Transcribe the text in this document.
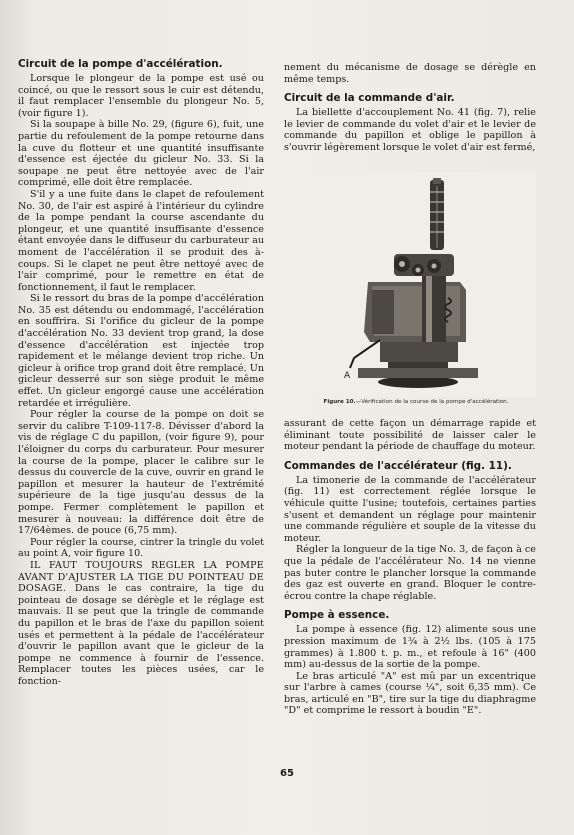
Circuit de la pompe d'accélération.

Lorsque le plongeur de la pompe est usé ou coincé, ou que le ressort sous le cuir est détendu, il faut remplacer l'ensemble du plongeur No. 5, (voir figure 1).

Si la soupape à bille No. 29, (figure 6), fuit, une partie du refoulement de la pompe retourne dans la cuve du flotteur et une quantité insuffisante d'essence est éjectée du gicleur No. 33. Si la soupape ne peut être nettoyée avec de l'air comprimé, elle doit être remplacée.

S'il y a une fuite dans le clapet de refoulement No. 30, de l'air est aspiré à l'intérieur du cylindre de la pompe pendant la course ascendante du plongeur, et une quantité insuffisante d'essence étant envoyée dans le diffuseur du carburateur au moment de l'accélération il se produit des à-coups. Si le clapet ne peut être nettoyé avec de l'air comprimé, pour le remettre en état de fonctionnement, il faut le remplacer.

Si le ressort du bras de la pompe d'accélération No. 35 est détendu ou endommagé, l'accélération en souffrira. Si l'orifice du gicleur de la pompe d'accélération No. 33 devient trop grand, la dose d'essence d'accélération est injectée trop rapidement et le mélange devient trop riche. Un gicleur à orifice trop grand doit être remplacé. Un gicleur desserré sur son siège produit le même effet. Un gicleur engorgé cause une accélération retardée et irrégulière.

Pour régler la course de la pompe on doit se servir du calibre T-109-117-8. Dévisser d'abord la vis de réglage C du papillon, (voir figure 9), pour l'éloigner du corps du carburateur. Pour mesurer la course de la pompe, placer le calibre sur le dessus du couvercle de la cuve, ouvrir en grand le papillon et mesurer la hauteur de l'extrémité supérieure de la tige jusqu'au dessus de la pompe. Fermer complètement le papillon et mesurer à nouveau: la différence doit être de 17/64èmes. de pouce (6,75 mm).

Pour régler la course, cintrer la tringle du volet au point A, voir figure 10.

IL FAUT TOUJOURS REGLER LA POMPE AVANT D'AJUSTER LA TIGE DU POINTEAU DE DOSAGE. Dans le cas contraire, la tige du pointeau de dosage se dérègle et le réglage est mauvais. Il se peut que la tringle de commande du papillon et le bras de l'axe du papillon soient usés et permettent à la pédale de l'accélérateur d'ouvrir le papillon avant que le gicleur de la pompe ne commence à fournir de l'essence. Remplacer toutes les pièces usées, car le fonction-

nement du mécanisme de dosage se dérègle en même temps.

Circuit de la commande d'air.

La biellette d'accouplement No. 41 (fig. 7), relie le levier de commande du volet d'air et le levier de commande du papillon et oblige le papillon à s'ouvrir légèrement lorsque le volet d'air est fermé,

A
Figure 10.—Vérification de la course de la pompe d'accélération.

assurant de cette façon un démarrage rapide et éliminant toute possibilité de laisser caler le moteur pendant la période de chauffage du moteur.

Commandes de l'accélérateur (fig. 11).

La timonerie de la commande de l'accélérateur (fig. 11) est correctement réglée lorsque le véhicule quitte l'usine; toutefois, certaines parties s'usent et demandent un réglage pour maintenir une commande régulière et souple de la vitesse du moteur.

Régler la longueur de la tige No. 3, de façon à ce que la pédale de l'accélérateur No. 14 ne vienne pas buter contre le plancher lorsque la commande des gaz est ouverte en grand. Bloquer le contre-écrou contre la chape réglable.

Pompe à essence.

La pompe à essence (fig. 12) alimente sous une pression maximum de 1¾ à 2½ lbs. (105 à 175 grammes) à 1.800 t. p. m., et refoule à 16" (400 mm) au-dessus de la sortie de la pompe.

Le bras articulé "A" est mû par un excentrique sur l'arbre à cames (course ¼", soit 6,35 mm). Ce bras, articulé en "B", tire sur la tige du diaphragme "D" et comprime le ressort à boudin "E".

65
